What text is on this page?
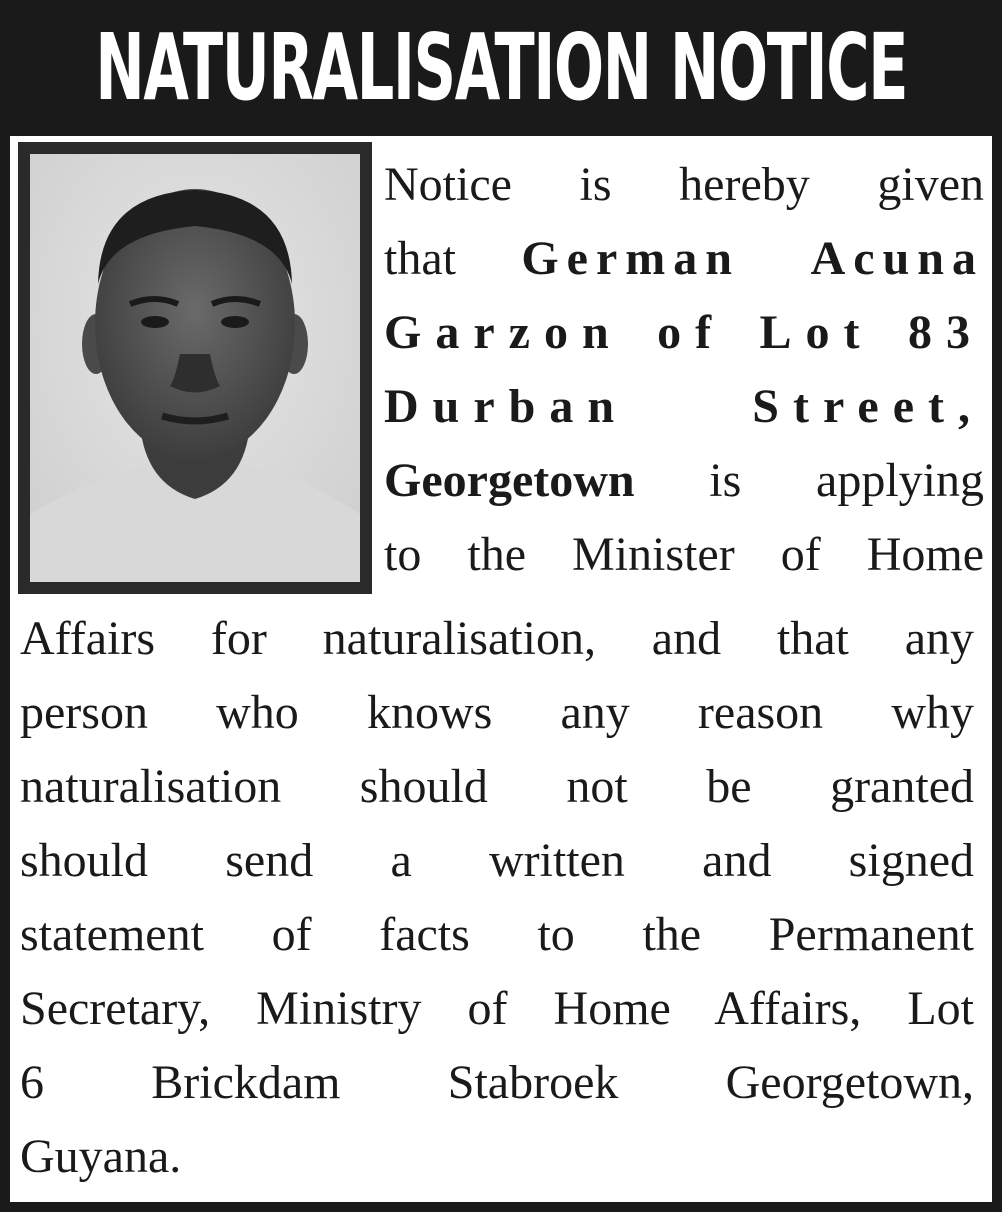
NATURALISATION NOTICE
Notice is hereby given
that German Acuna
Garzon of Lot 83
Durban Street,
Georgetown is applying
to the Minister of Home
Affairs for naturalisation, and that any
person who knows any reason why
naturalisation should not be granted
should send a written and signed
statement of facts to the Permanent
Secretary, Ministry of Home Affairs, Lot
6 Brickdam Stabroek Georgetown,
Guyana.
